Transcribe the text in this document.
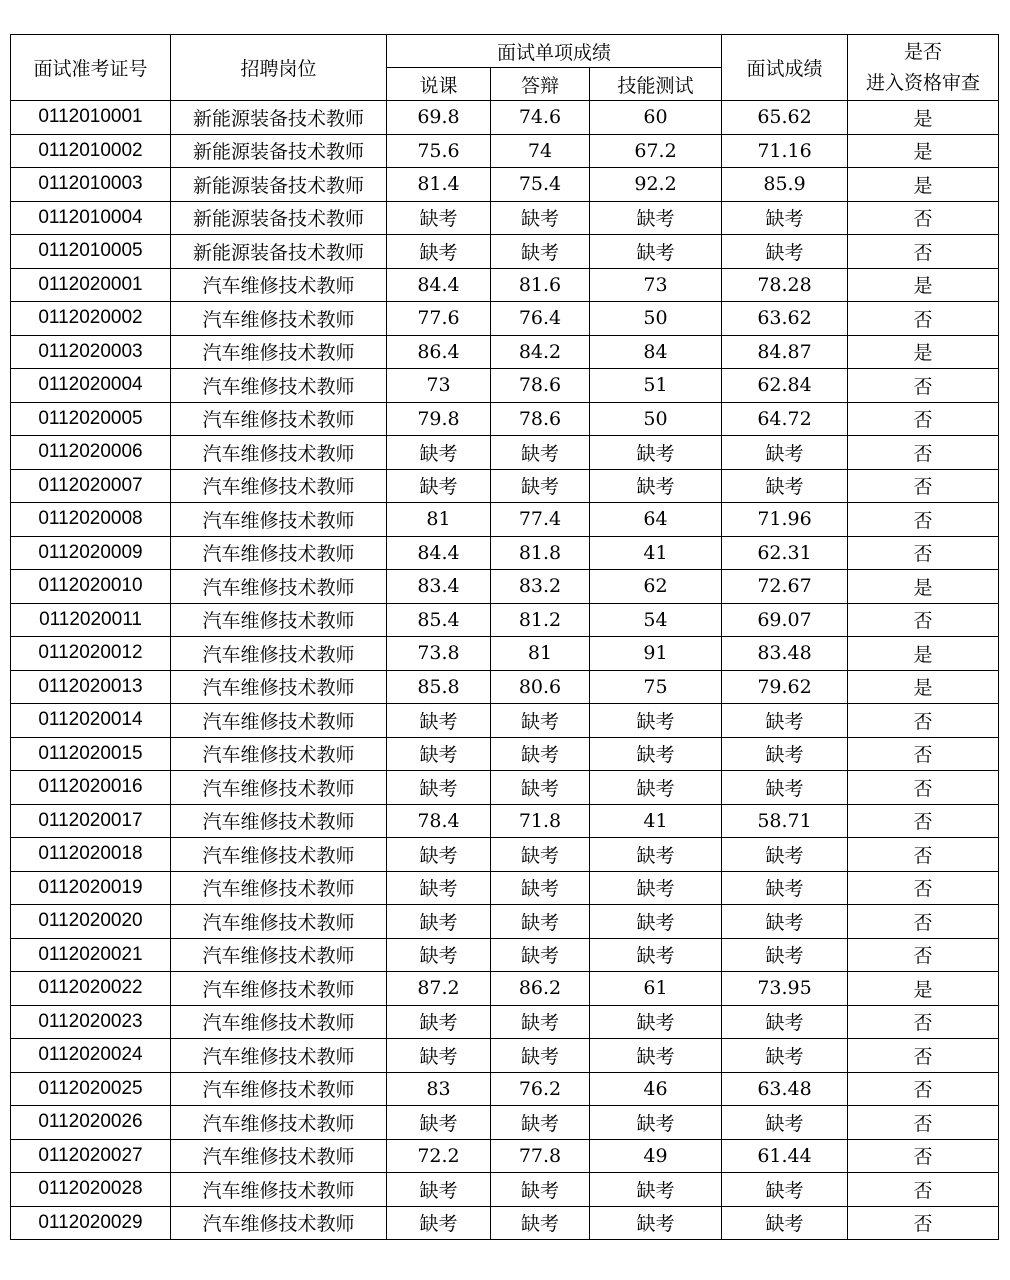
面试准考证号	招聘岗位	面试单项成绩			面试成绩	是否
进入资格审查
		说课	答辩	技能测试		
0112010001	新能源装备技术教师	69.8	74.6	60	65.62	是
0112010002	新能源装备技术教师	75.6	74	67.2	71.16	是
0112010003	新能源装备技术教师	81.4	75.4	92.2	85.9	是
0112010004	新能源装备技术教师	缺考	缺考	缺考	缺考	否
0112010005	新能源装备技术教师	缺考	缺考	缺考	缺考	否
0112020001	汽车维修技术教师	84.4	81.6	73	78.28	是
0112020002	汽车维修技术教师	77.6	76.4	50	63.62	否
0112020003	汽车维修技术教师	86.4	84.2	84	84.87	是
0112020004	汽车维修技术教师	73	78.6	51	62.84	否
0112020005	汽车维修技术教师	79.8	78.6	50	64.72	否
0112020006	汽车维修技术教师	缺考	缺考	缺考	缺考	否
0112020007	汽车维修技术教师	缺考	缺考	缺考	缺考	否
0112020008	汽车维修技术教师	81	77.4	64	71.96	否
0112020009	汽车维修技术教师	84.4	81.8	41	62.31	否
0112020010	汽车维修技术教师	83.4	83.2	62	72.67	是
0112020011	汽车维修技术教师	85.4	81.2	54	69.07	否
0112020012	汽车维修技术教师	73.8	81	91	83.48	是
0112020013	汽车维修技术教师	85.8	80.6	75	79.62	是
0112020014	汽车维修技术教师	缺考	缺考	缺考	缺考	否
0112020015	汽车维修技术教师	缺考	缺考	缺考	缺考	否
0112020016	汽车维修技术教师	缺考	缺考	缺考	缺考	否
0112020017	汽车维修技术教师	78.4	71.8	41	58.71	否
0112020018	汽车维修技术教师	缺考	缺考	缺考	缺考	否
0112020019	汽车维修技术教师	缺考	缺考	缺考	缺考	否
0112020020	汽车维修技术教师	缺考	缺考	缺考	缺考	否
0112020021	汽车维修技术教师	缺考	缺考	缺考	缺考	否
0112020022	汽车维修技术教师	87.2	86.2	61	73.95	是
0112020023	汽车维修技术教师	缺考	缺考	缺考	缺考	否
0112020024	汽车维修技术教师	缺考	缺考	缺考	缺考	否
0112020025	汽车维修技术教师	83	76.2	46	63.48	否
0112020026	汽车维修技术教师	缺考	缺考	缺考	缺考	否
0112020027	汽车维修技术教师	72.2	77.8	49	61.44	否
0112020028	汽车维修技术教师	缺考	缺考	缺考	缺考	否
0112020029	汽车维修技术教师	缺考	缺考	缺考	缺考	否
